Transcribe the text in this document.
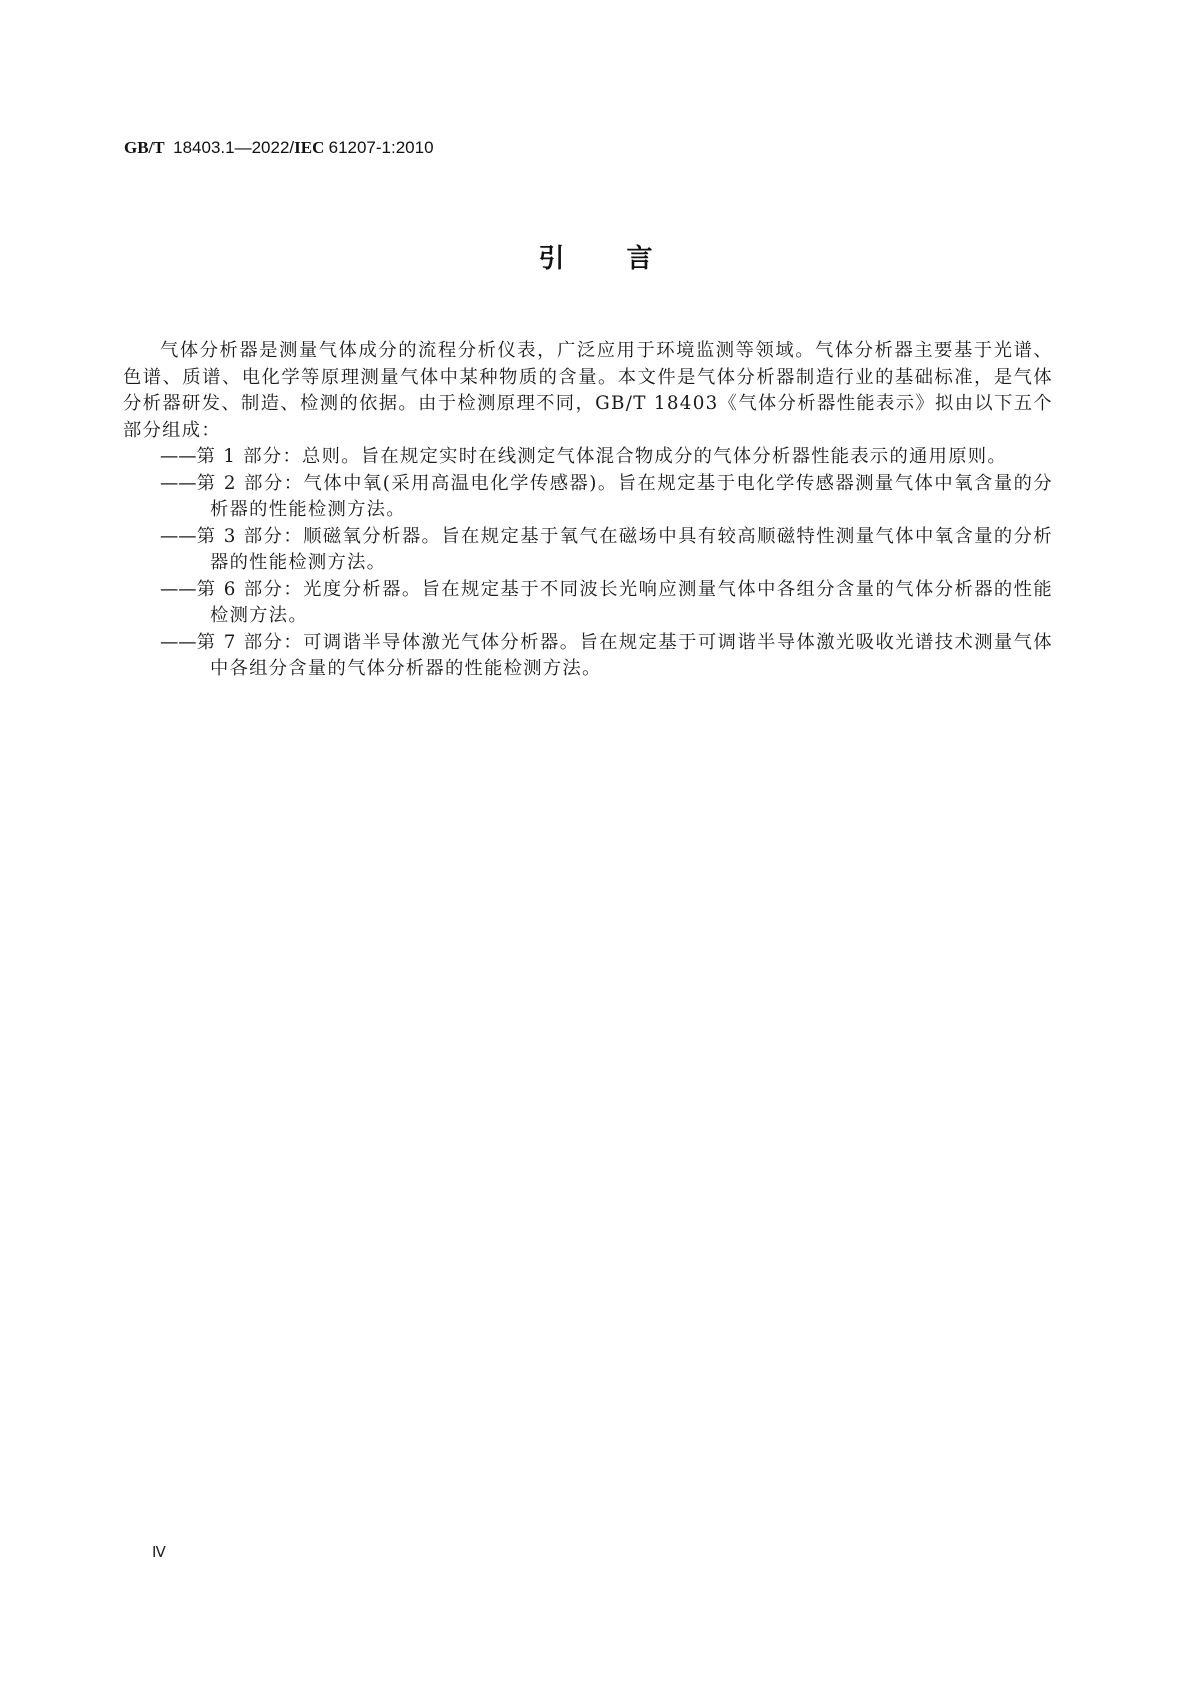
GB/T 18403.1—2022/IEC 61207-1:2010
引言

气体分析器是测量气体成分的流程分析仪表，广泛应用于环境监测等领域。气体分析器主要基于光谱、色谱、质谱、电化学等原理测量气体中某种物质的含量。本文件是气体分析器制造行业的基础标准，是气体分析器研发、制造、检测的依据。由于检测原理不同，GB/T 18403《气体分析器性能表示》拟由以下五个部分组成：

——第 1 部分：总则。旨在规定实时在线测定气体混合物成分的气体分析器性能表示的通用原则。

——第 2 部分：气体中氧(采用高温电化学传感器)。旨在规定基于电化学传感器测量气体中氧含量的分析器的性能检测方法。

——第 3 部分：顺磁氧分析器。旨在规定基于氧气在磁场中具有较高顺磁特性测量气体中氧含量的分析器的性能检测方法。

——第 6 部分：光度分析器。旨在规定基于不同波长光响应测量气体中各组分含量的气体分析器的性能检测方法。

——第 7 部分：可调谐半导体激光气体分析器。旨在规定基于可调谐半导体激光吸收光谱技术测量气体中各组分含量的气体分析器的性能检测方法。

Ⅳ
